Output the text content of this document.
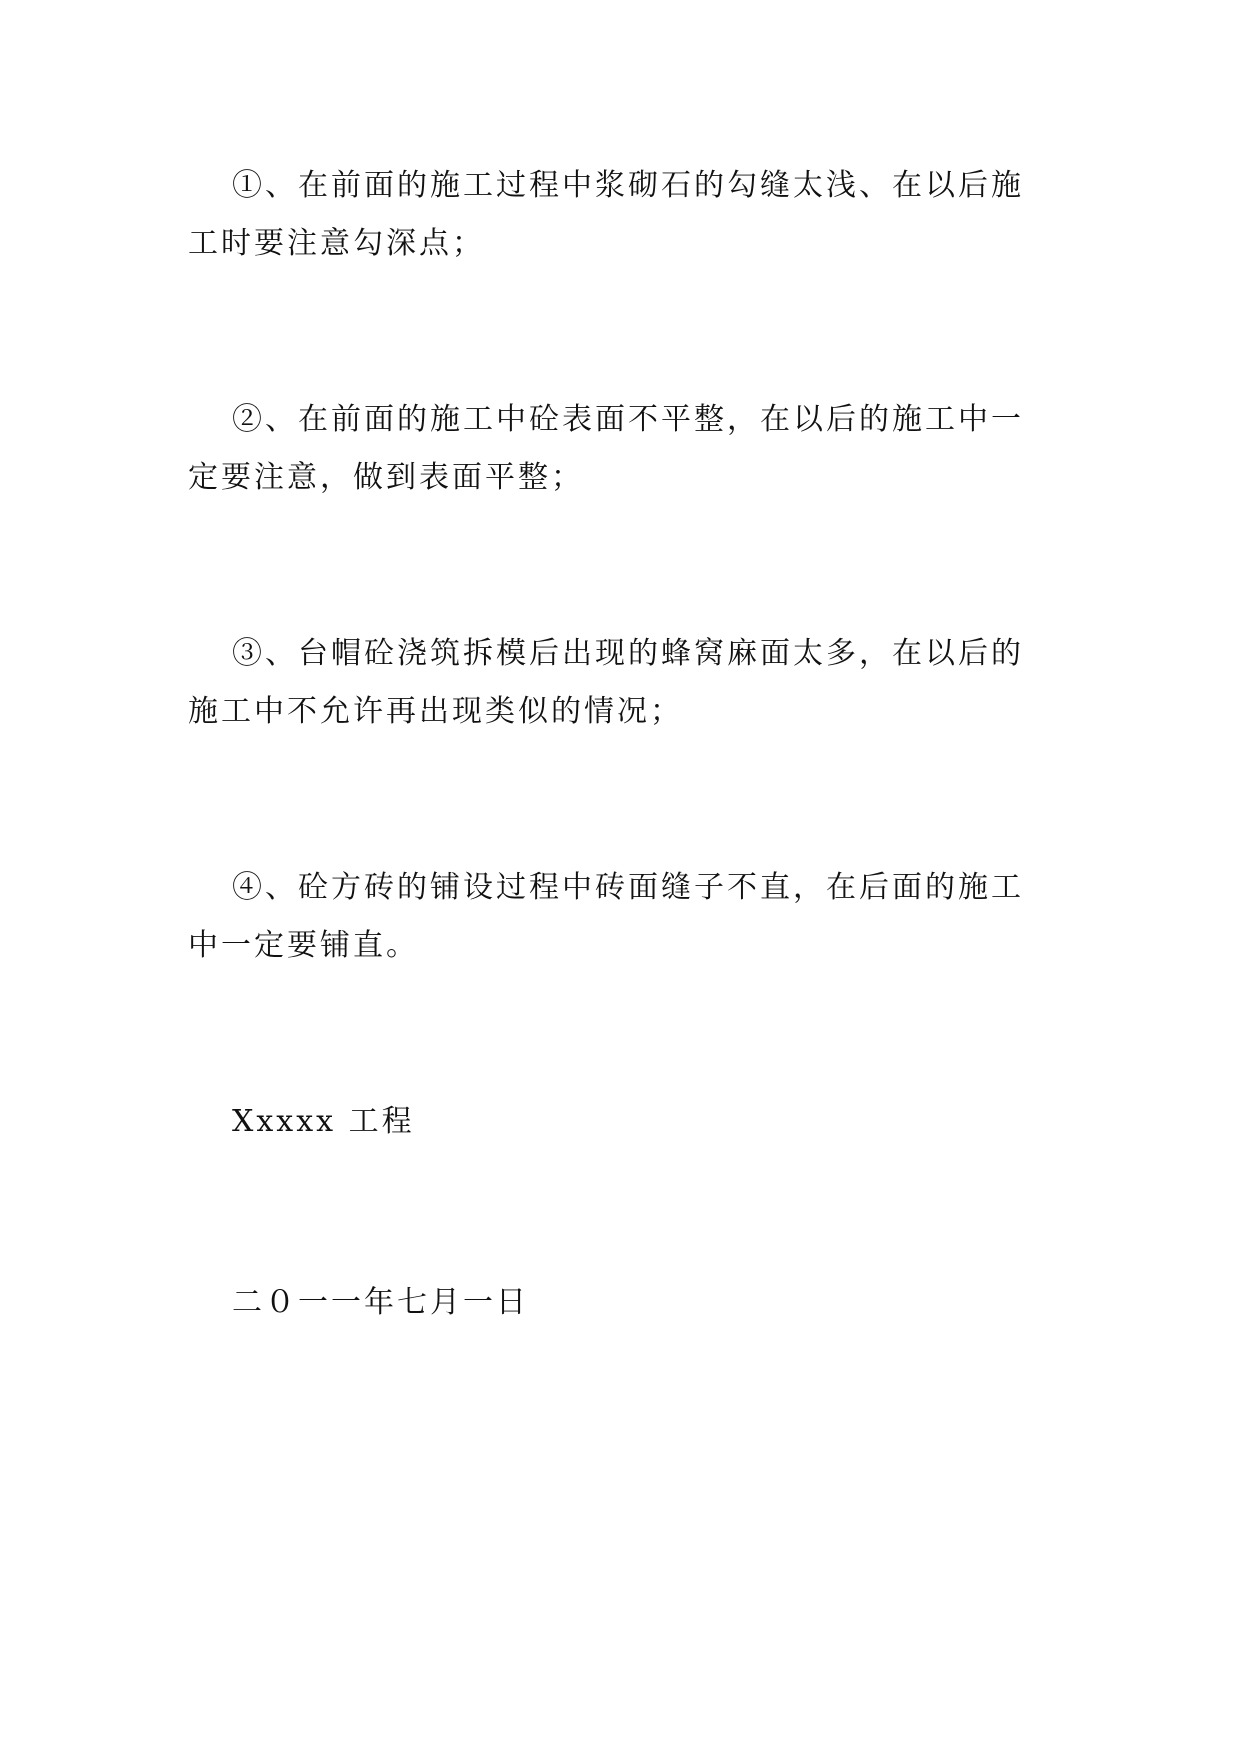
①、在前面的施工过程中浆砌石的勾缝太浅、在以后施工时要注意勾深点；

②、在前面的施工中砼表面不平整，在以后的施工中一定要注意，做到表面平整；

③、台帽砼浇筑拆模后出现的蜂窝麻面太多，在以后的施工中不允许再出现类似的情况；

④、砼方砖的铺设过程中砖面缝子不直，在后面的施工中一定要铺直。

Xxxxx 工程

二０一一年七月一日
